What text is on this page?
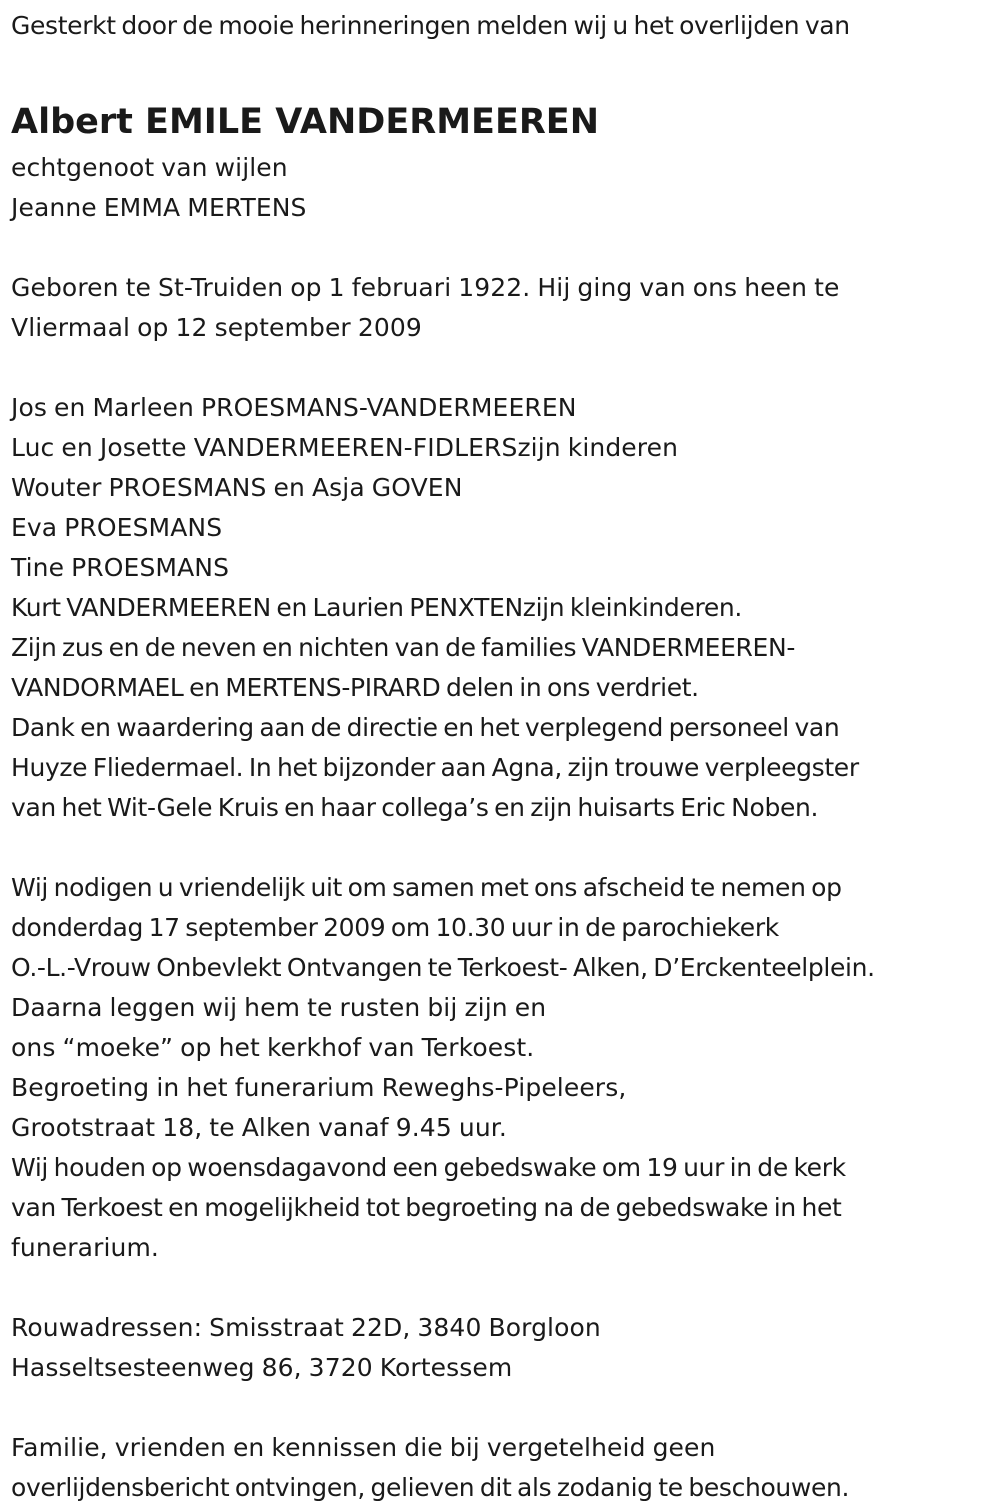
Gesterkt door de mooie herinneringen melden wij u het overlijden van
Albert EMILE VANDERMEEREN
echtgenoot van wijlen
Jeanne EMMA MERTENS
Geboren te St-Truiden op 1 februari 1922. Hij ging van ons heen te
Vliermaal op 12 september 2009
Jos en Marleen PROESMANS-VANDERMEEREN
Luc en Josette VANDERMEEREN-FIDLERSzijn kinderen
Wouter PROESMANS en Asja GOVEN
Eva PROESMANS
Tine PROESMANS
Kurt VANDERMEEREN en Laurien PENXTENzijn kleinkinderen.
Zijn zus en de neven en nichten van de families VANDERMEEREN-
VANDORMAEL en MERTENS-PIRARD delen in ons verdriet.
Dank en waardering aan de directie en het verplegend personeel van
Huyze Fliedermael. In het bijzonder aan Agna, zijn trouwe verpleegster
van het Wit-Gele Kruis en haar collega’s en zijn huisarts Eric Noben.
Wij nodigen u vriendelijk uit om samen met ons afscheid te nemen op
donderdag 17 september 2009 om 10.30 uur in de parochiekerk
O.-L.-Vrouw Onbevlekt Ontvangen te Terkoest- Alken, D’Erckenteelplein.
Daarna leggen wij hem te rusten bij zijn en
ons “moeke” op het kerkhof van Terkoest.
Begroeting in het funerarium Reweghs-Pipeleers,
Grootstraat 18, te Alken vanaf 9.45 uur.
Wij houden op woensdagavond een gebedswake om 19 uur in de kerk
van Terkoest en mogelijkheid tot begroeting na de gebedswake in het
funerarium.
Rouwadressen: Smisstraat 22D, 3840 Borgloon
Hasseltsesteenweg 86, 3720 Kortessem
Familie, vrienden en kennissen die bij vergetelheid geen
overlijdensbericht ontvingen, gelieven dit als zodanig te beschouwen.
